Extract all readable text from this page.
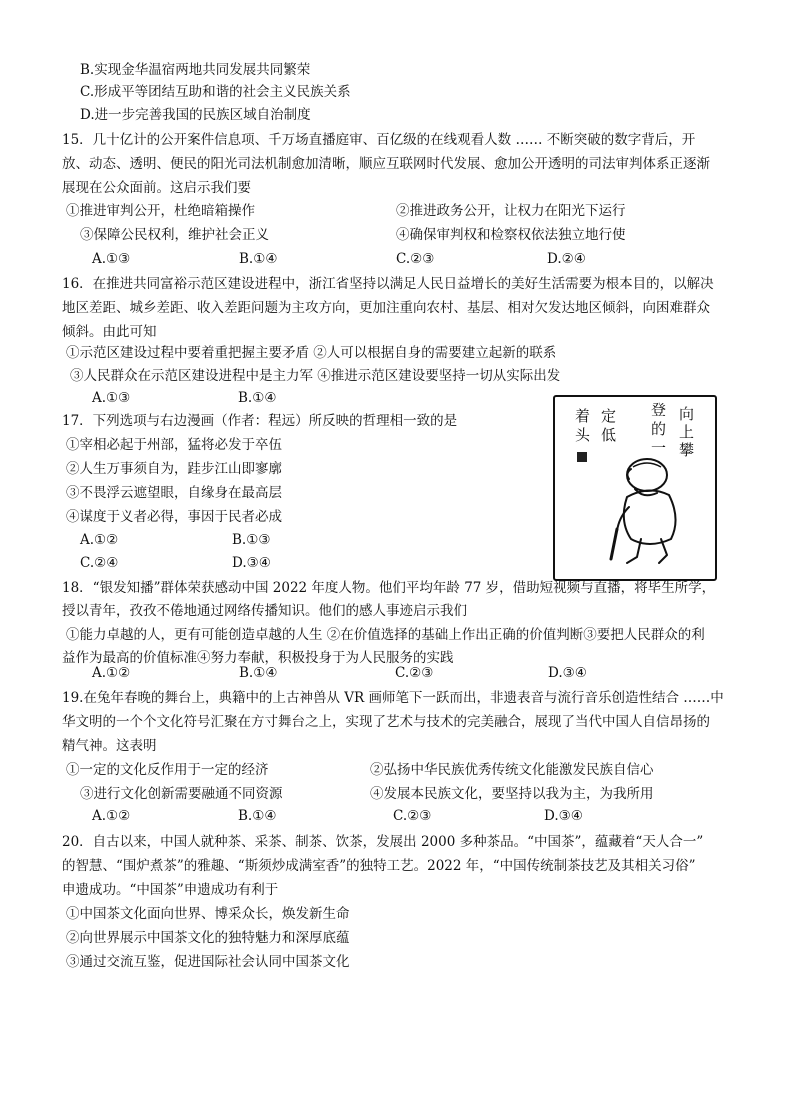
B.实现金华温宿两地共同发展共同繁荣
C.形成平等团结互助和谐的社会主义民族关系
D.进一步完善我国的民族区域自治制度
15．几十亿计的公开案件信息项、千万场直播庭审、百亿级的在线观看人数 …… 不断突破的数字背后，开
放、动态、透明、便民的阳光司法机制愈加清晰，顺应互联网时代发展、愈加公开透明的司法审判体系正逐渐
展现在公众面前。这启示我们要
①推进审判公开，杜绝暗箱操作	②推进政务公开，让权力在阳光下运行
③保障公民权利，维护社会正义	④确保审判权和检察权依法独立地行使
A.①③	B.①④	C.②③	D.②④
16．在推进共同富裕示范区建设进程中，浙江省坚持以满足人民日益增长的美好生活需要为根本目的，以解决
地区差距、城乡差距、收入差距问题为主攻方向，更加注重向农村、基层、相对欠发达地区倾斜，向困难群众
倾斜。由此可知
①示范区建设过程中要着重把握主要矛盾 ②人可以根据自身的需要建立起新的联系
③人民群众在示范区建设进程中是主力军 ④推进示范区建设要坚持一切从实际出发
A.①③	B.①④
17．下列选项与右边漫画（作者：程远）所反映的哲理相一致的是
①宰相必起于州部，猛将必发于卒伍
②人生万事须自为，跬步江山即寥廓
③不畏浮云遮望眼，自缘身在最高层
④谋度于义者必得，事因于民者必成
A.①②	B.①③
C.②④	D.③④
向
上
攀
登
的
一
定
低
着
头
18．“银发知播”群体荣获感动中国 2022 年度人物。他们平均年龄 77 岁，借助短视频与直播，将毕生所学，
授以青年，孜孜不倦地通过网络传播知识。他们的感人事迹启示我们
①能力卓越的人，更有可能创造卓越的人生 ②在价值选择的基础上作出正确的价值判断③要把人民群众的利
益作为最高的价值标准④努力奉献，积极投身于为人民服务的实践
A.①②	B.①④	C.②③	D.③④
19.在兔年春晚的舞台上，典籍中的上古神兽从 VR 画师笔下一跃而出，非遗表音与流行音乐创造性结合 ……中
华文明的一个个文化符号汇聚在方寸舞台之上，实现了艺术与技术的完美融合，展现了当代中国人自信昂扬的
精气神。这表明
①一定的文化反作用于一定的经济	②弘扬中华民族优秀传统文化能激发民族自信心
③进行文化创新需要融通不同资源	④发展本民族文化，要坚持以我为主，为我所用
A.①②	B.①④	C.②③	D.③④
20．自古以来，中国人就种茶、采茶、制茶、饮茶，发展出 2000 多种茶品。“中国茶”，蕴藏着“天人合一”
的智慧、“围炉煮茶”的雅趣、“斯须炒成满室香”的独特工艺。2022 年，“中国传统制茶技艺及其相关习俗”
申遗成功。“中国茶”申遗成功有利于
①中国茶文化面向世界、博采众长，焕发新生命
②向世界展示中国茶文化的独特魅力和深厚底蕴
③通过交流互鉴，促进国际社会认同中国茶文化
